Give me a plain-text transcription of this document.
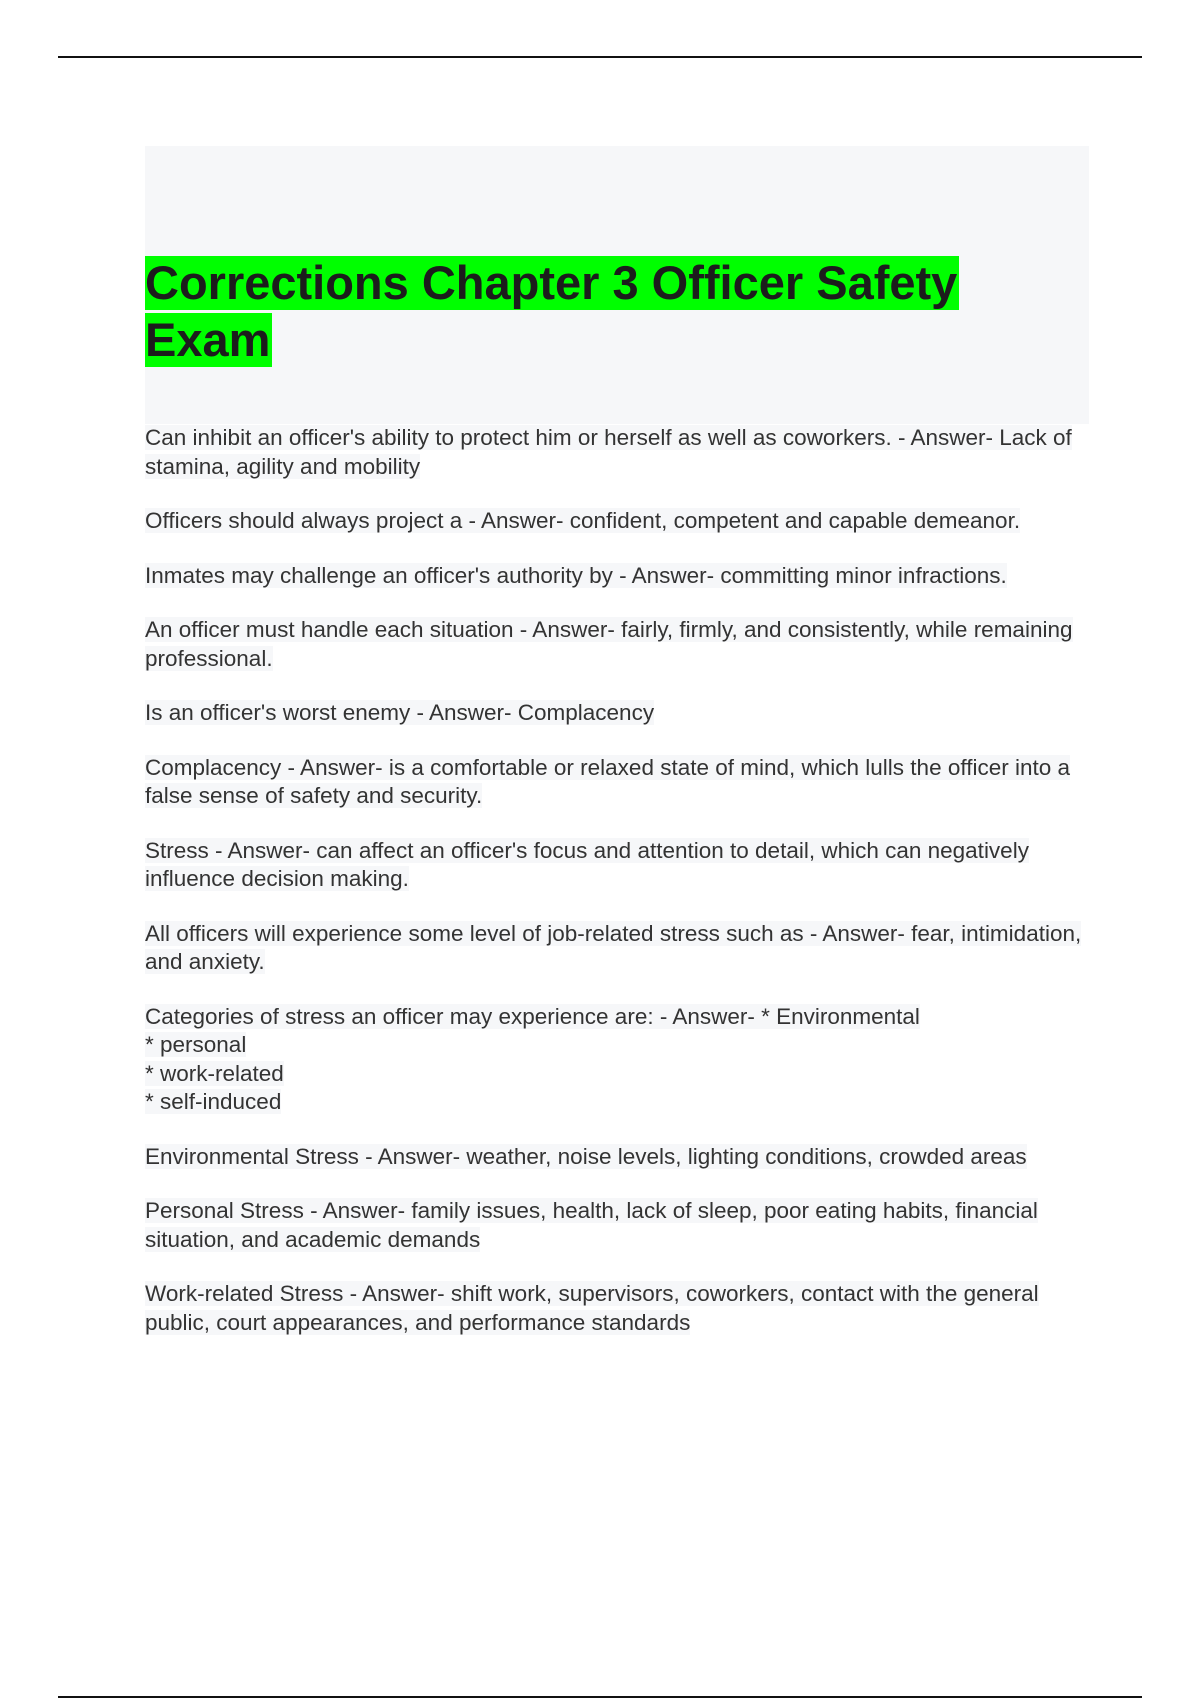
Corrections Chapter 3 Officer Safety Exam

Can inhibit an officer's ability to protect him or herself as well as coworkers. - Answer- Lack of stamina, agility and mobility

Officers should always project a - Answer- confident, competent and capable demeanor.

Inmates may challenge an officer's authority by - Answer- committing minor infractions.

An officer must handle each situation - Answer- fairly, firmly, and consistently, while remaining professional.

Is an officer's worst enemy - Answer- Complacency

Complacency - Answer- is a comfortable or relaxed state of mind, which lulls the officer into a false sense of safety and security.

Stress - Answer- can affect an officer's focus and attention to detail, which can negatively influence decision making.

All officers will experience some level of job-related stress such as - Answer- fear, intimidation, and anxiety.

Categories of stress an officer may experience are: - Answer- * Environmental
* personal
* work-related
* self-induced

Environmental Stress - Answer- weather, noise levels, lighting conditions, crowded areas

Personal Stress - Answer- family issues, health, lack of sleep, poor eating habits, financial situation, and academic demands

Work-related Stress - Answer- shift work, supervisors, coworkers, contact with the general public, court appearances, and performance standards
